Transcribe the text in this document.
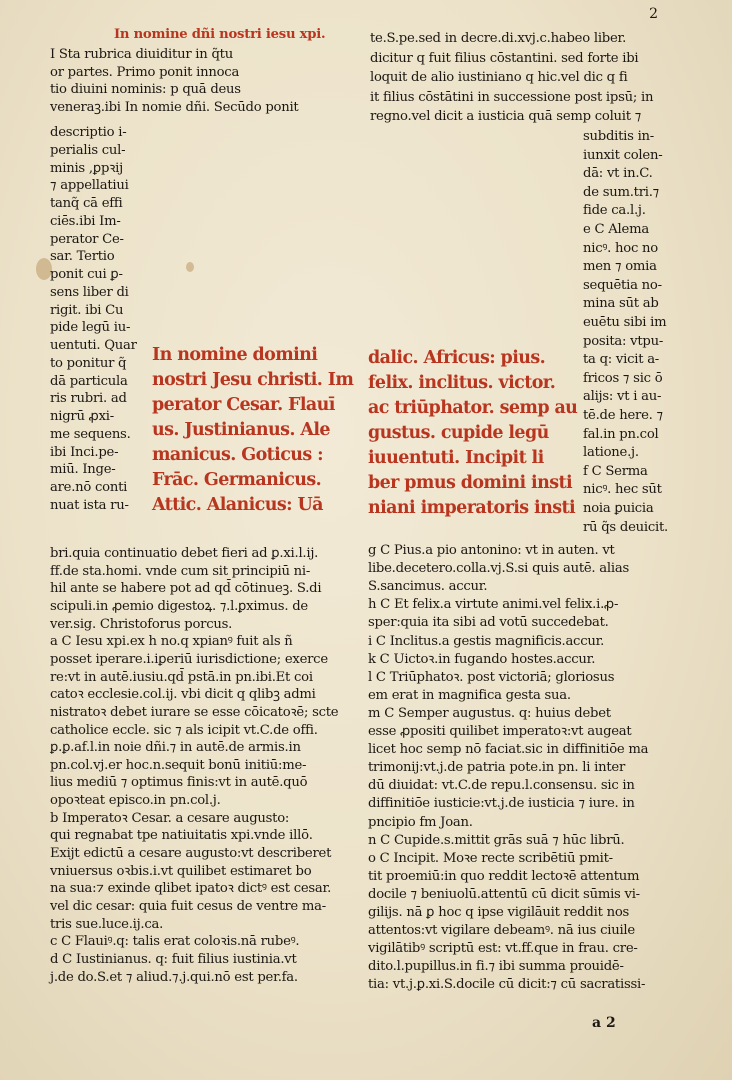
2
In nomine dñi nostri iesu xpi.
I Sta rubrica diuiditur in q̃tu
or partes. Primo ponit innoca
tio diuini nominis: p quā deus
veneraꝫ.ibi In nomie dñi. Secūdo ponit
descriptio i-
perialis cul-
minis ,ꝑpꝛij
⁊ appellatiui
tanq̃ cā effi
ciēs.ibi Im-
perator Ce-
sar. Tertio
ponit cui ꝑ-
sens liber di
rigit. ibi Cu
pide legū iu-
uentuti. Quar
to ponitur q̃
dā particula
ris rubri. ad
nigrū ꝓxi-
me sequens.
ibi Inci.pe-
miū. Inge-
are.nō conti
nuat ista ru-
bri.quia continuatio debet fieri ad ꝑ.xi.l.ij.
ff.de sta.homi. vnde cum sit principiū ni-
hil ante se habere pot ad qd̄ cōtinueꝫ. S.di
scipuli.in ꝓemio digestoꝝ. ⁊.l.ꝑximus. de
ver.sig. Christoforus porcus.
a C Iesu xpi.ex h no.q xpianꝰ fuit als ñ
posset iperare.i.iꝑeriū iurisdictione; exerce
re:vt in autē.iusiu.qd̄ pstā.in pn.ibi.Et coi
catoꝛ ecclesie.col.ij. vbi dicit q qlibꝫ admi
nistratoꝛ debet iurare se esse cōicatoꝛē; scte
catholice eccle. sic ⁊ als icipit vt.C.de offi.
ꝑ.ꝑ.af.l.in noie dñi.⁊ in autē.de armis.in
pn.col.vj.er hoc.n.sequit bonū initiū:me-
lius mediū ⁊ optimus finis:vt in autē.quō
opoꝛteat episco.in pn.col.j.
b Imperatoꝛ Cesar. a cesare augusto:
qui regnabat tpe natiuitatis xpi.vnde illō.
Exijt edictū a cesare augusto:vt describeret
vniuersus oꝛbis.i.vt quilibet estimaret bo
na sua:⁊ exinde qlibet ipatoꝛ dictꝰ est cesar.
vel dic cesar: quia fuit cesus de ventre ma-
tris sue.luce.ij.ca.
c C Flauiꝰ.q: talis erat coloꝛis.nā rubeꝰ.
d C Iustinianus. q: fuit filius iustinia.vt
j.de do.S.et ⁊ aliud.⁊.j.qui.nō est per.fa.
In nomine domini
nostri Jesu christi. Im
perator Cesar. Flauī
us. Justinianus. Ale
manicus. Goticus :
Frāc. Germanicus.
Attic. Alanicus: Uā
dalic. Africus: pius.
felix. inclitus. victor.
ac triūphator. semp au
gustus. cupide legū
iuuentuti. Incipit li
ber pmus domini insti
niani imperatoris insti
te.S.pe.sed in decre.di.xvj.c.habeo liber.
dicitur q fuit filius cōstantini. sed forte ibi
loquit de alio iustiniano q hic.vel dic q fi
it filius cōstātini in successione post ipsū; in
regno.vel dicit a iusticia quā semp coluit ⁊
subditis in-
iunxit colen-
dā: vt in.C.
de sum.tri.⁊
fide ca.l.j.
e C Alema
nicꝰ. hoc no
men ⁊ omia
sequētia no-
mina sūt ab
euētu sibi im
posita: vtpu-
ta q: vicit a-
fricos ⁊ sic ō
alijs: vt i au-
tē.de here. ⁊
fal.in pn.col
latione.j.
f C Serma
nicꝰ. hec sūt
noia ꝑuicia
rū q̃s deuicit.
g C Pius.a pio antonino: vt in auten. vt
libe.decetero.colla.vj.S.si quis autē. alias
S.sancimus. accur.
h C Et felix.a virtute animi.vel felix.i.ꝓ-
sper:quia ita sibi ad votū succedebat.
i C Inclitus.a gestis magnificis.accur.
k C Uictoꝛ.in fugando hostes.accur.
l C Triūphatoꝛ. post victoriā; gloriosus
em erat in magnifica gesta sua.
m C Semper augustus. q: huius debet
esse ꝓpositi quilibet imperatoꝛ:vt augeat
licet hoc semp nō faciat.sic in diffinitiōe ma
trimonij:vt.j.de patria pote.in pn. li inter
dū diuidat: vt.C.de repu.l.consensu. sic in
diffinitiōe iusticie:vt.j.de iusticia ⁊ iure. in
pncipio fm Joan.
n C Cupide.s.mittit grās suā ⁊ hūc librū.
o C Incipit. Moꝛe recte scribētiū pmit-
tit proemiū:in quo reddit lectoꝛē attentum
docile ⁊ beniuolū.attentū cū dicit sūmis vi-
gilijs. nā ꝑ hoc q ipse vigilāuit reddit nos
attentos:vt vigilare debeamꝰ. nā ius ciuile
vigilātibꝰ scriptū est: vt.ff.que in frau. cre-
dito.l.pupillus.in fi.⁊ ibi summa prouidē-
tia: vt.j.ꝑ.xi.S.docile cū dicit:⁊ cū sacratissi-
a 2
